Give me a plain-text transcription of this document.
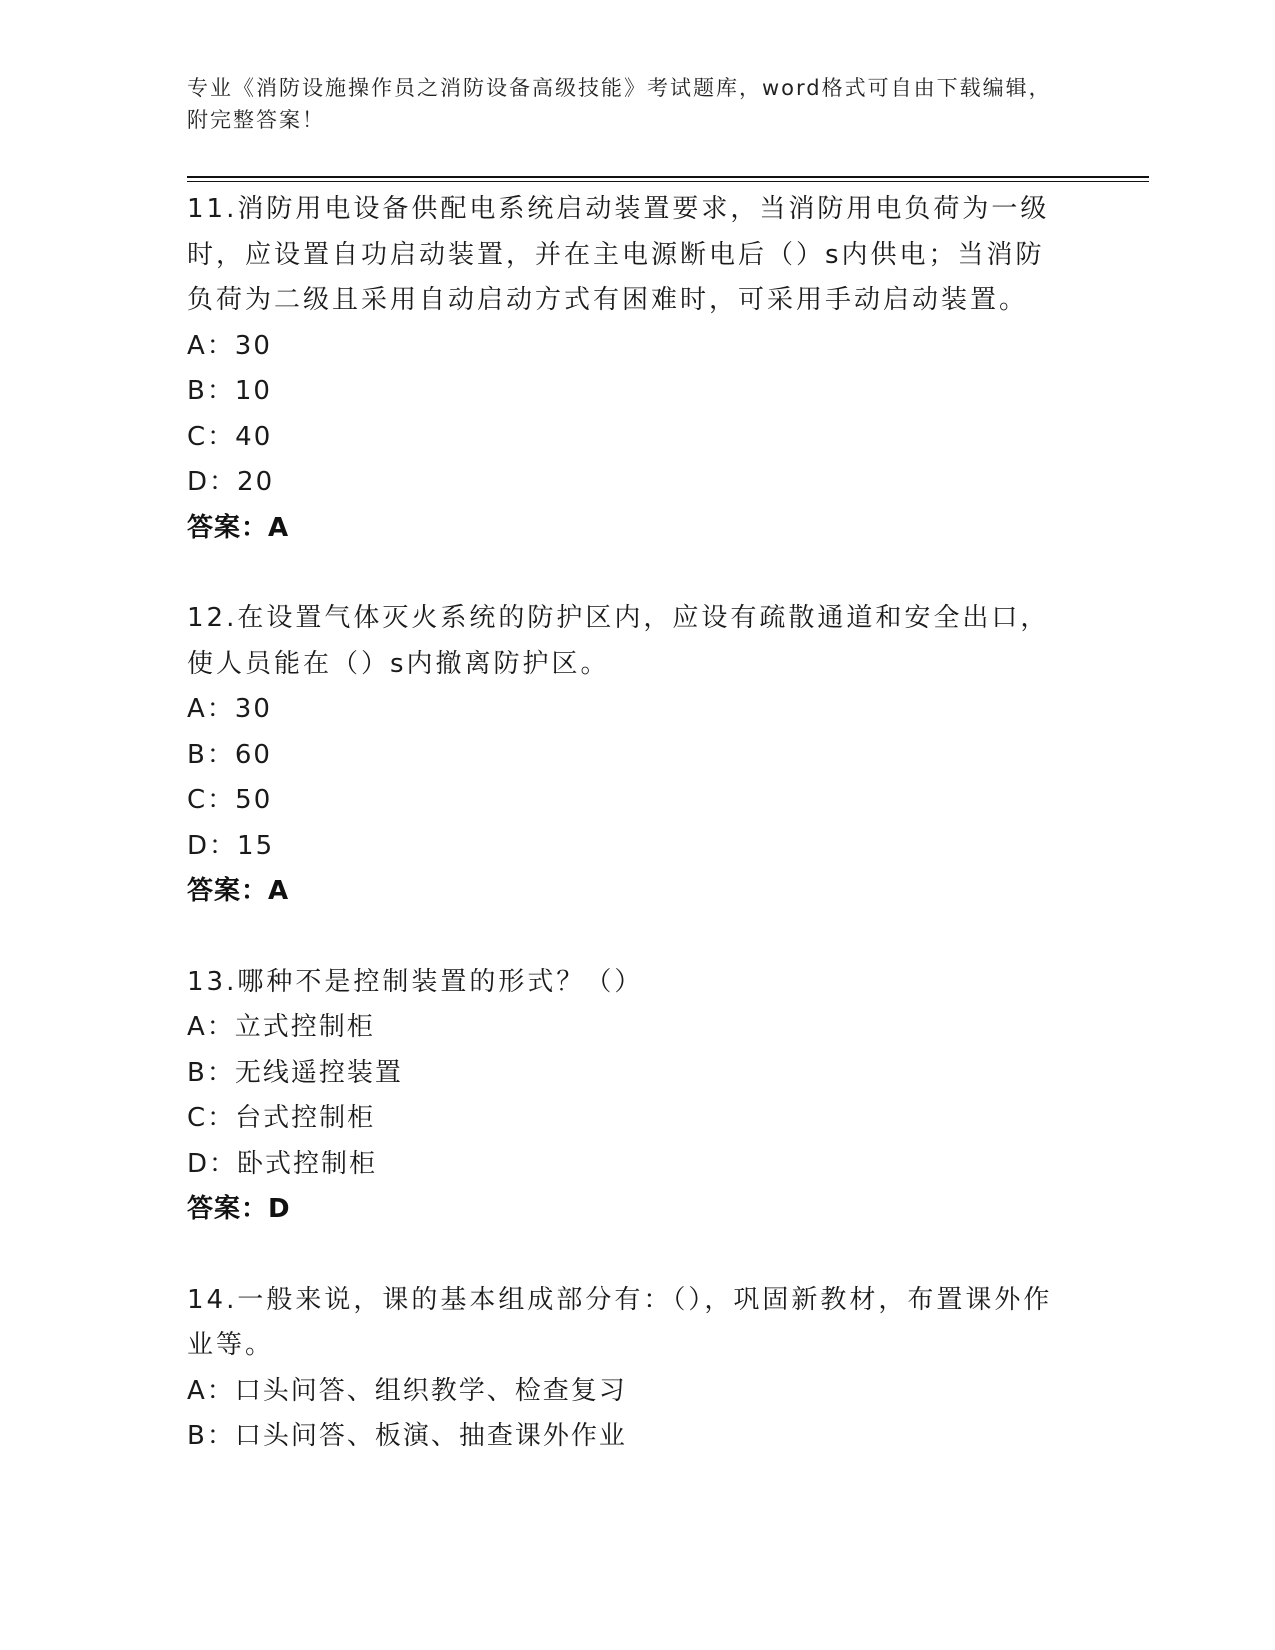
专业《消防设施操作员之消防设备高级技能》考试题库，word格式可自由下载编辑，附完整答案！
11.消防用电设备供配电系统启动装置要求，当消防用电负荷为一级时，应设置自功启动装置，并在主电源断电后（）s内供电；当消防负荷为二级且采用自动启动方式有困难时，可采用手动启动装置。
A：30
B：10
C：40
D：20
答案：A
12.在设置气体灭火系统的防护区内，应设有疏散通道和安全出口，使人员能在（）s内撤离防护区。
A：30
B：60
C：50
D：15
答案：A
13.哪种不是控制装置的形式？（）
A：立式控制柜
B：无线遥控装置
C：台式控制柜
D：卧式控制柜
答案：D
14.一般来说，课的基本组成部分有：（），巩固新教材，布置课外作业等。
A：口头问答、组织教学、检查复习
B：口头问答、板演、抽查课外作业
